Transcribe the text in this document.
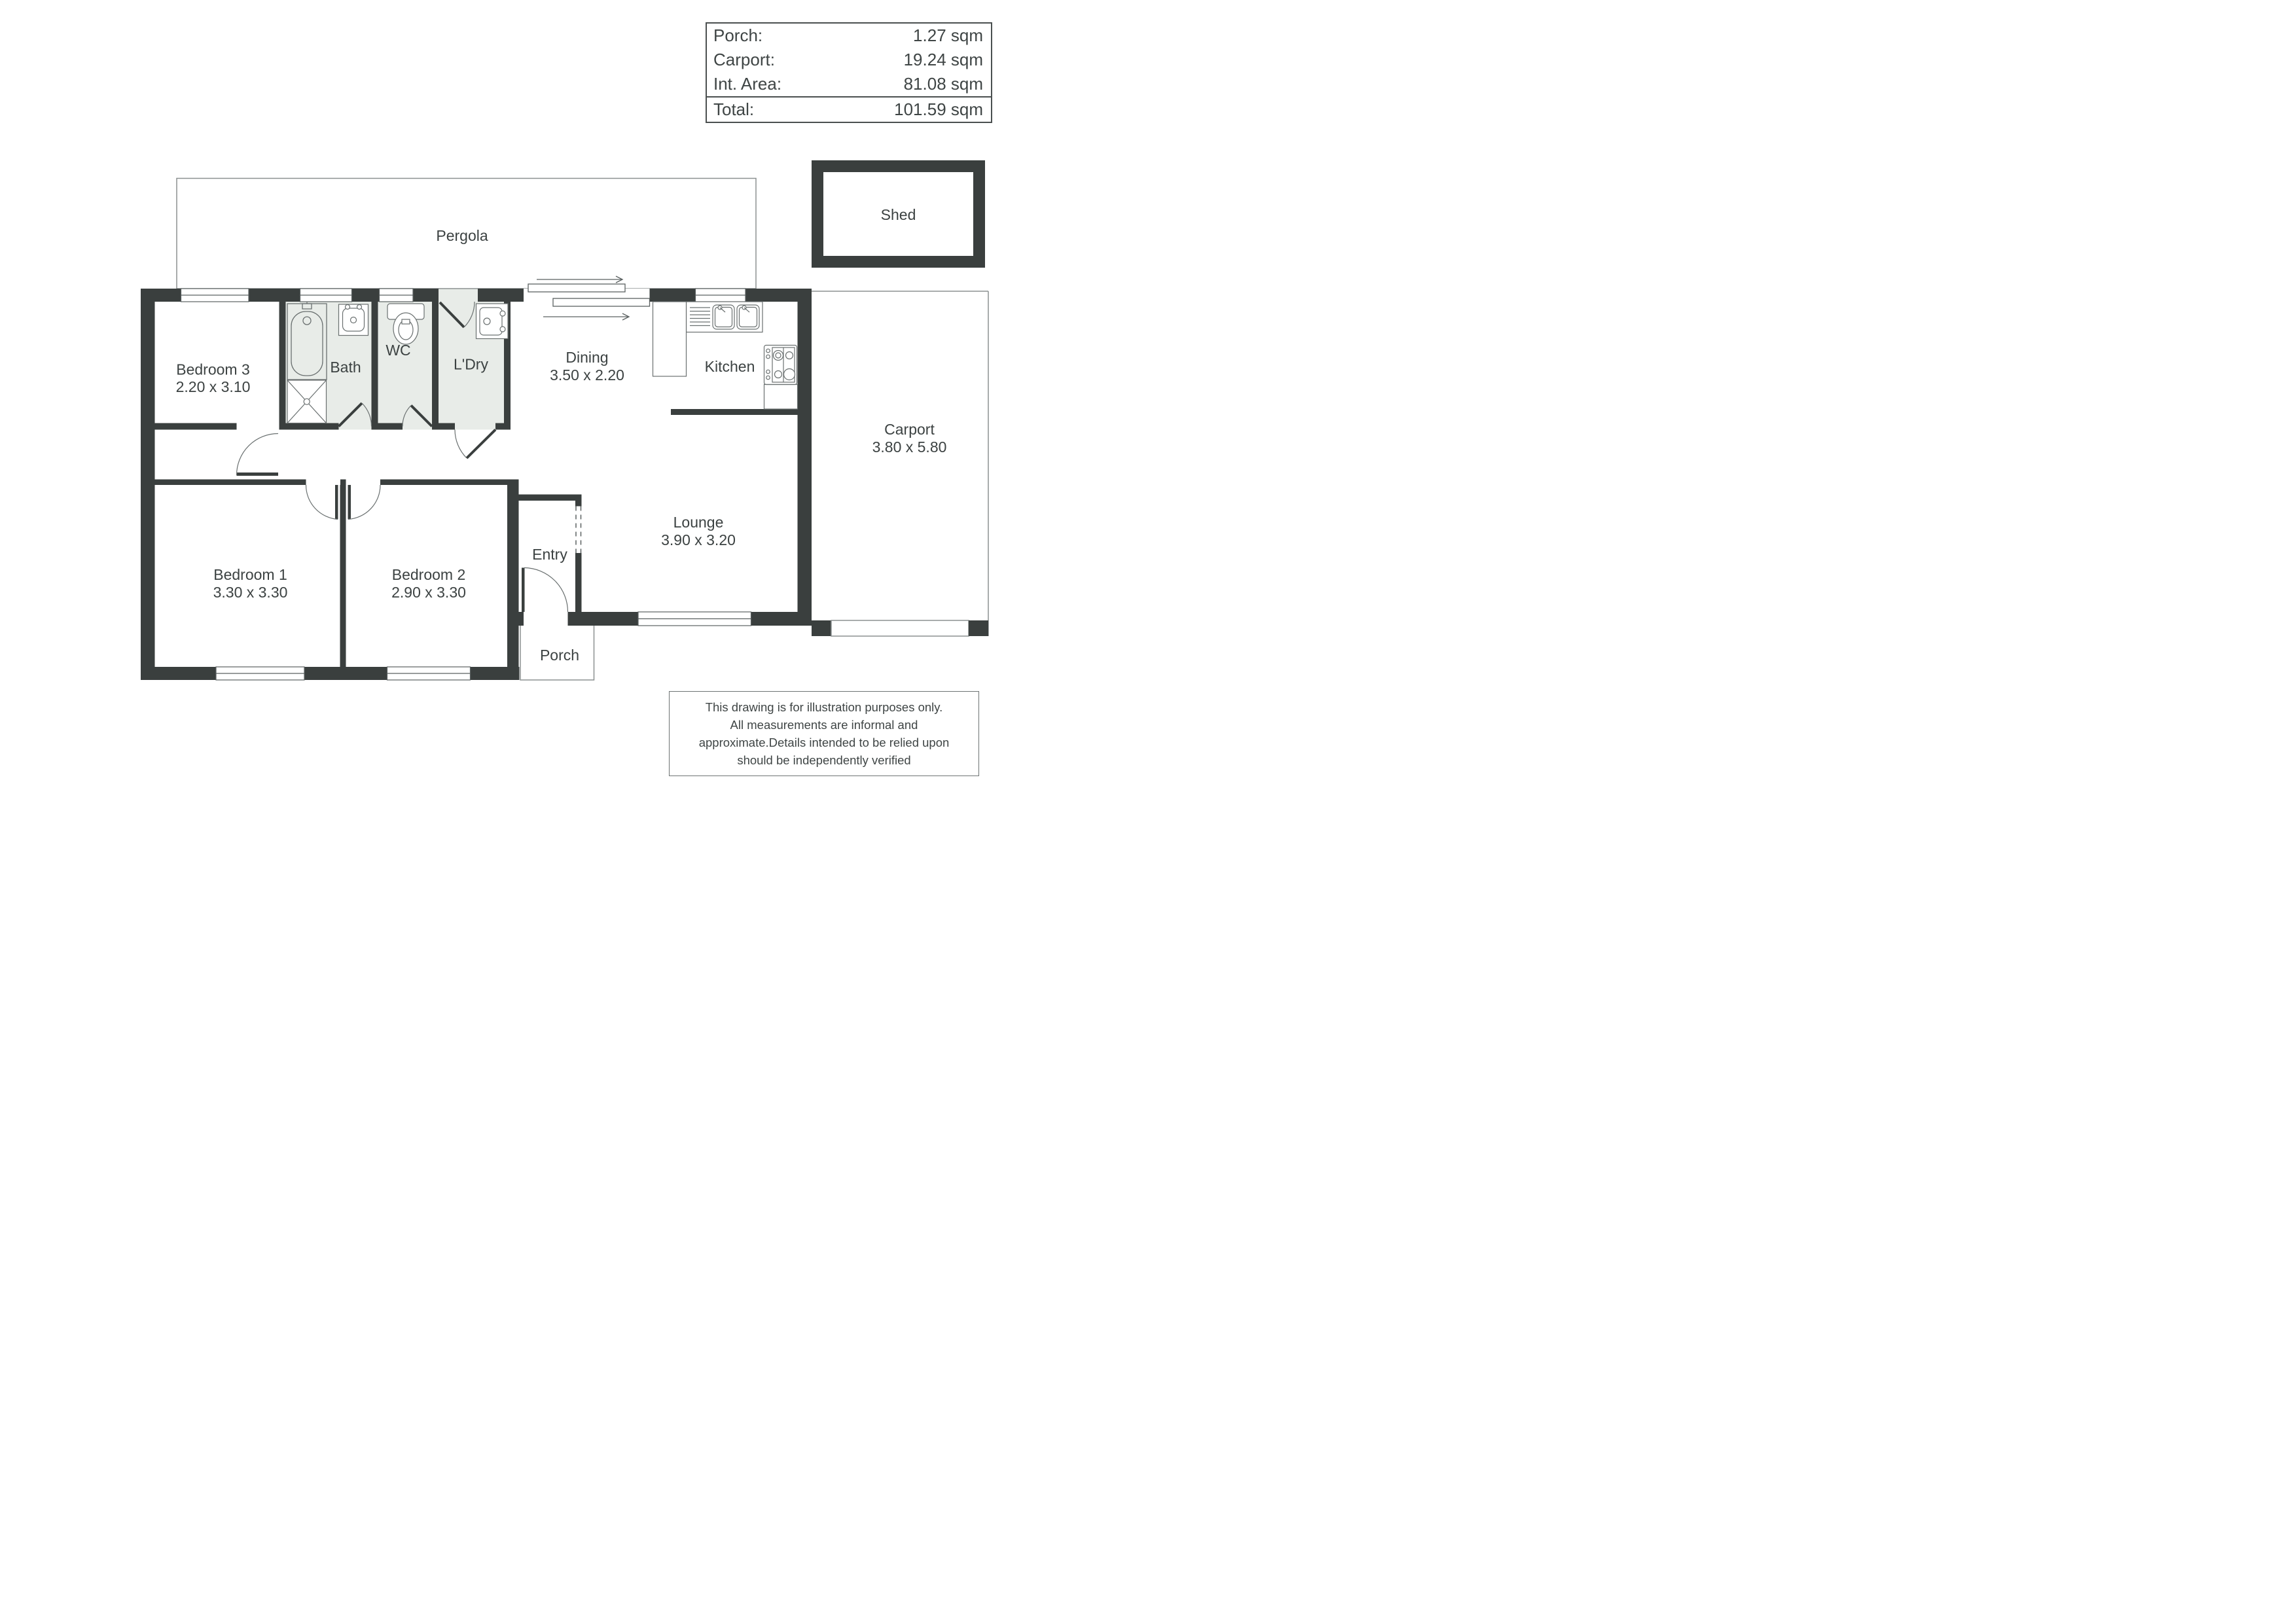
Pergola
Shed
Bedroom 3
2.20 x 3.10
Bath
WC
L'Dry	Dining
3.50 x 2.20	Kitchen
Carport
3.80 x 5.80
Lounge
3.90 x 3.20
Entry
Bedroom 1
3.30 x 3.30
Bedroom 2
2.90 x 3.30
Porch
Porch:	1.27 sqm
Carport:	19.24 sqm
Int. Area:	81.08 sqm
Total:	101.59 sqm
This drawing is for illustration purposes only.
All measurements are informal and
approximate.Details intended to be relied upon
should be independently verified
